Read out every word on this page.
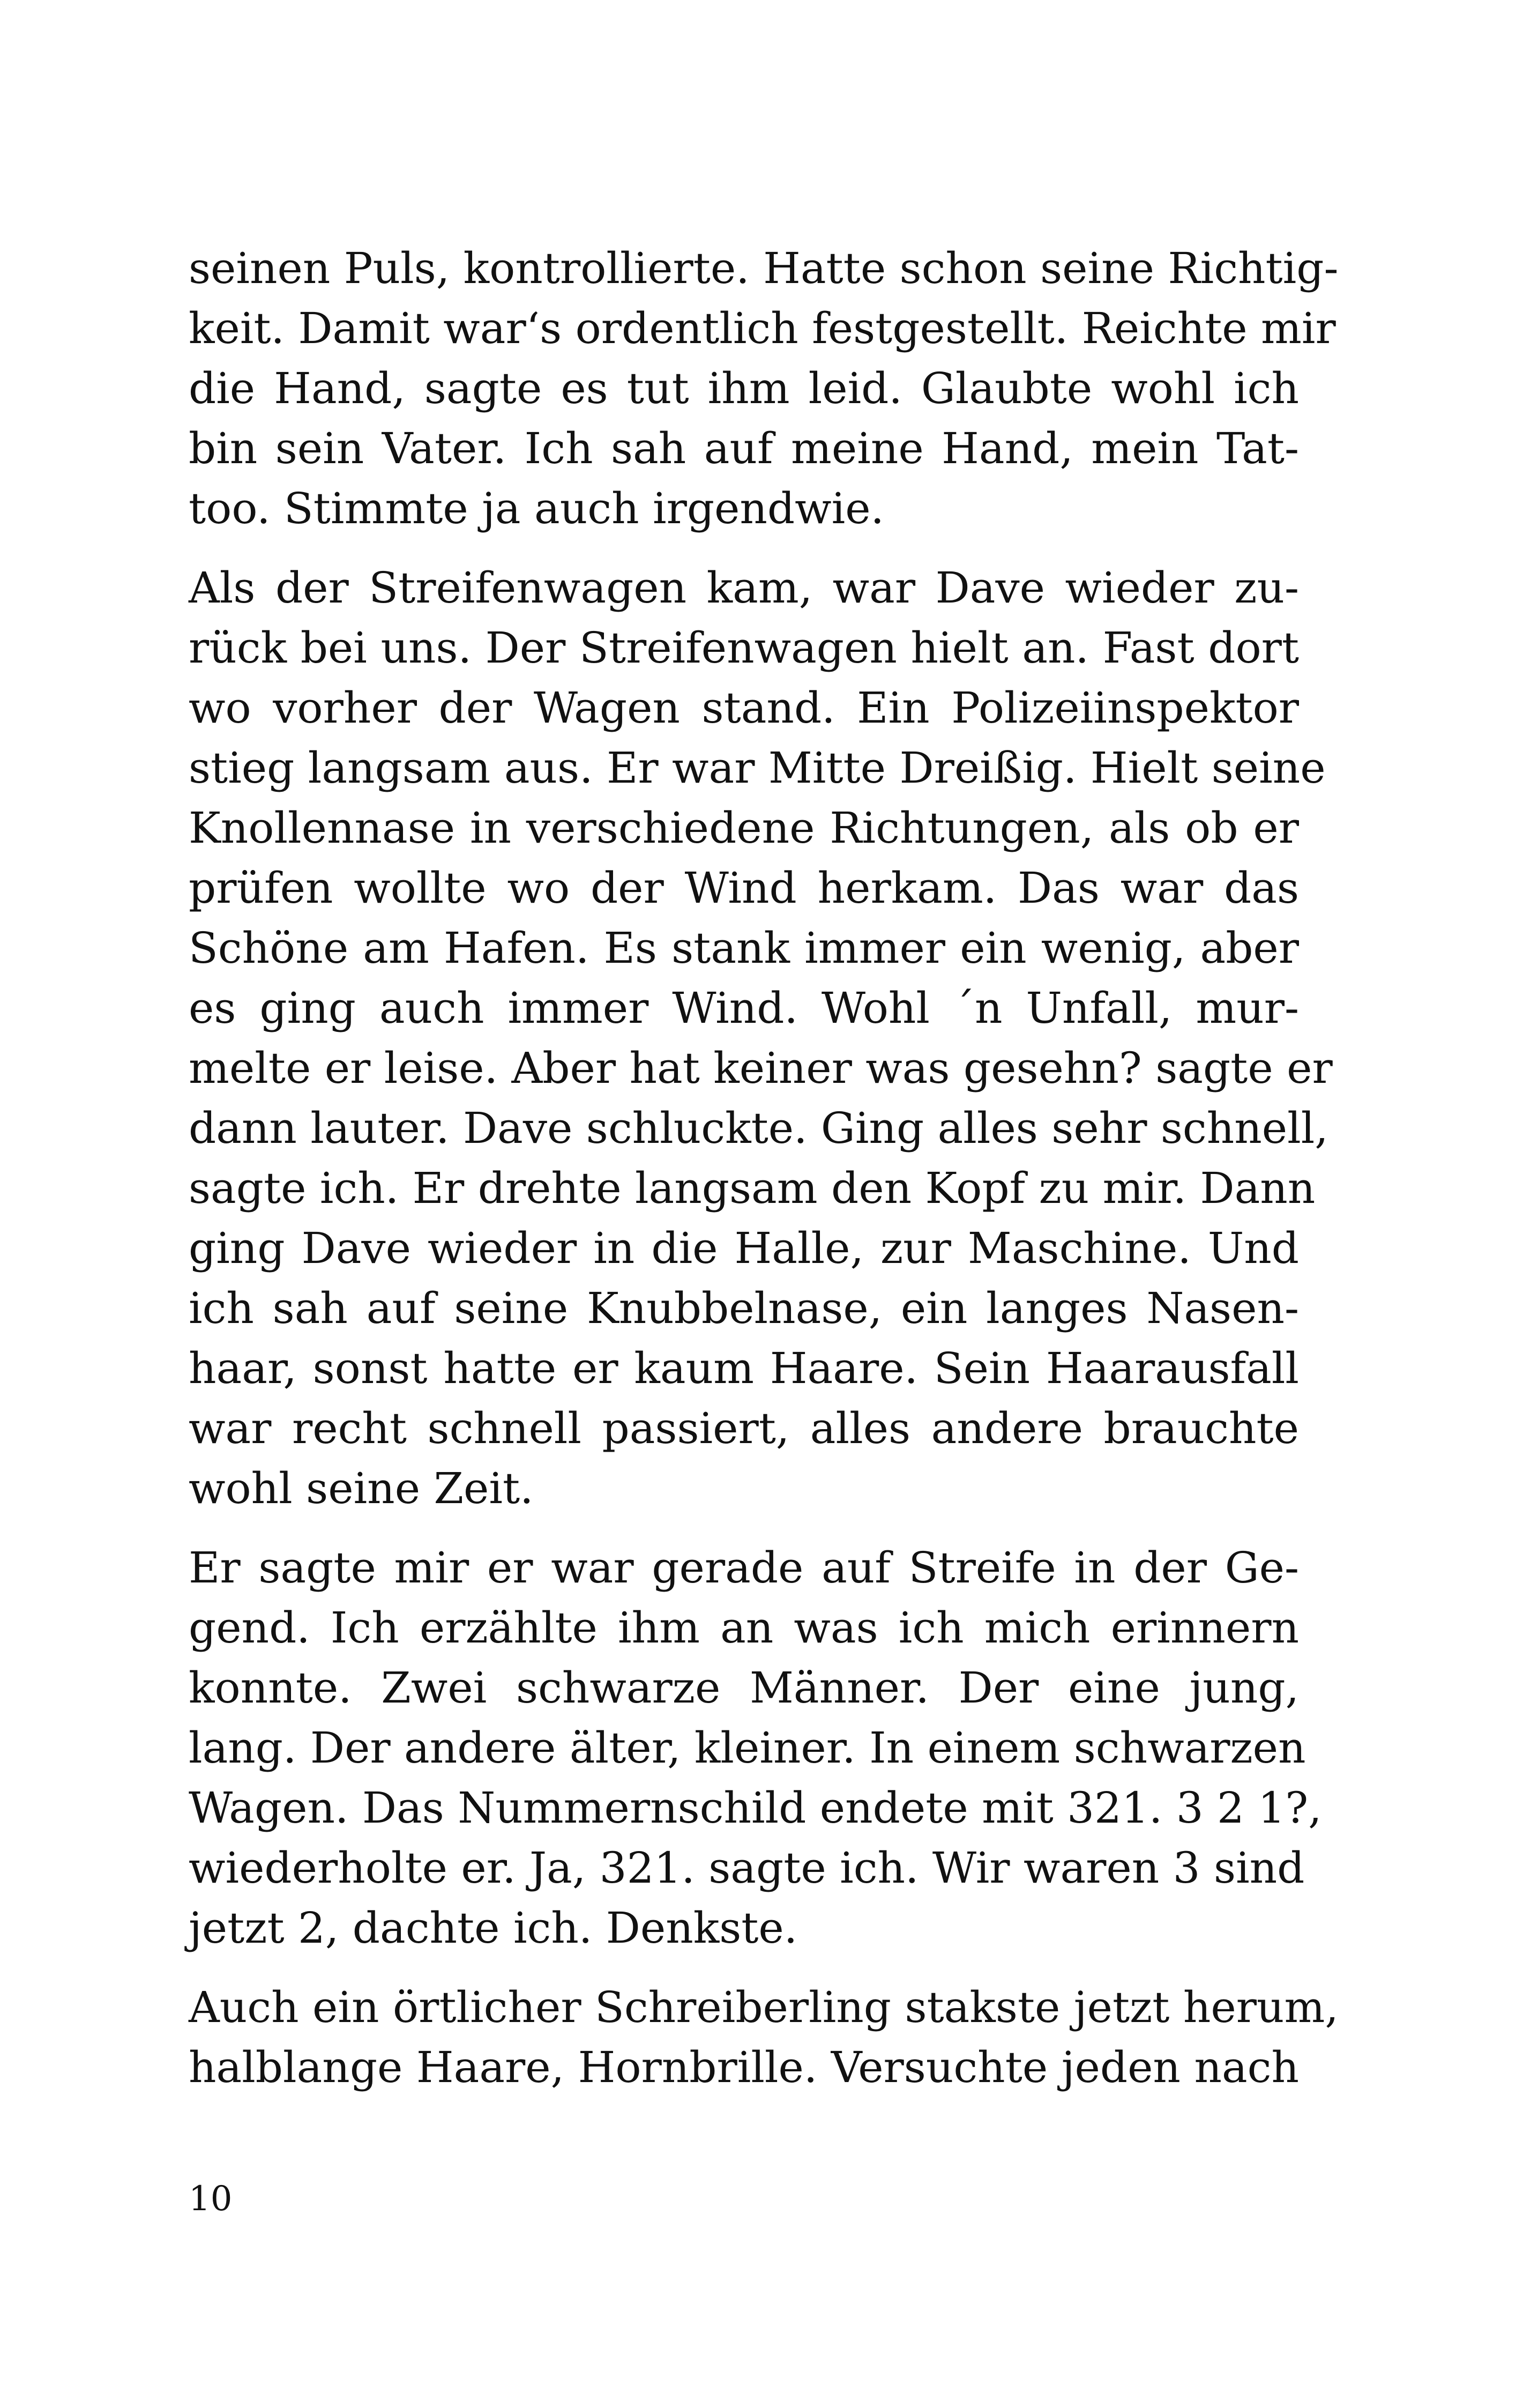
seinen Puls, kontrollierte. Hatte schon seine Richtig-
keit. Damit war‘s ordentlich festgestellt. Reichte mir
die Hand, sagte es tut ihm leid. Glaubte wohl ich
bin sein Vater. Ich sah auf meine Hand, mein Tat-
too. Stimmte ja auch irgendwie.

Als der Streifenwagen kam, war Dave wieder zu-
rück bei uns. Der Streifenwagen hielt an. Fast dort
wo vorher der Wagen stand. Ein Polizeiinspektor
stieg langsam aus. Er war Mitte Dreißig. Hielt seine
Knollennase in verschiedene Richtungen, als ob er
prüfen wollte wo der Wind herkam. Das war das
Schöne am Hafen. Es stank immer ein wenig, aber
es ging auch immer Wind. Wohl ´n Unfall, mur-
melte er leise. Aber hat keiner was gesehn? sagte er
dann lauter. Dave schluckte. Ging alles sehr schnell,
sagte ich. Er drehte langsam den Kopf zu mir. Dann
ging Dave wieder in die Halle, zur Maschine. Und
ich sah auf seine Knubbelnase, ein langes Nasen-
haar, sonst hatte er kaum Haare. Sein Haarausfall
war recht schnell passiert, alles andere brauchte
wohl seine Zeit.

Er sagte mir er war gerade auf Streife in der Ge-
gend. Ich erzählte ihm an was ich mich erinnern
konnte. Zwei schwarze Männer. Der eine jung,
lang. Der andere älter, kleiner. In einem schwarzen
Wagen. Das Nummernschild endete mit 321. 3 2 1?,
wiederholte er. Ja, 321. sagte ich. Wir waren 3 sind
jetzt 2, dachte ich. Denkste.

Auch ein örtlicher Schreiberling stakste jetzt herum,
halblange Haare, Hornbrille. Versuchte jeden nach

10
